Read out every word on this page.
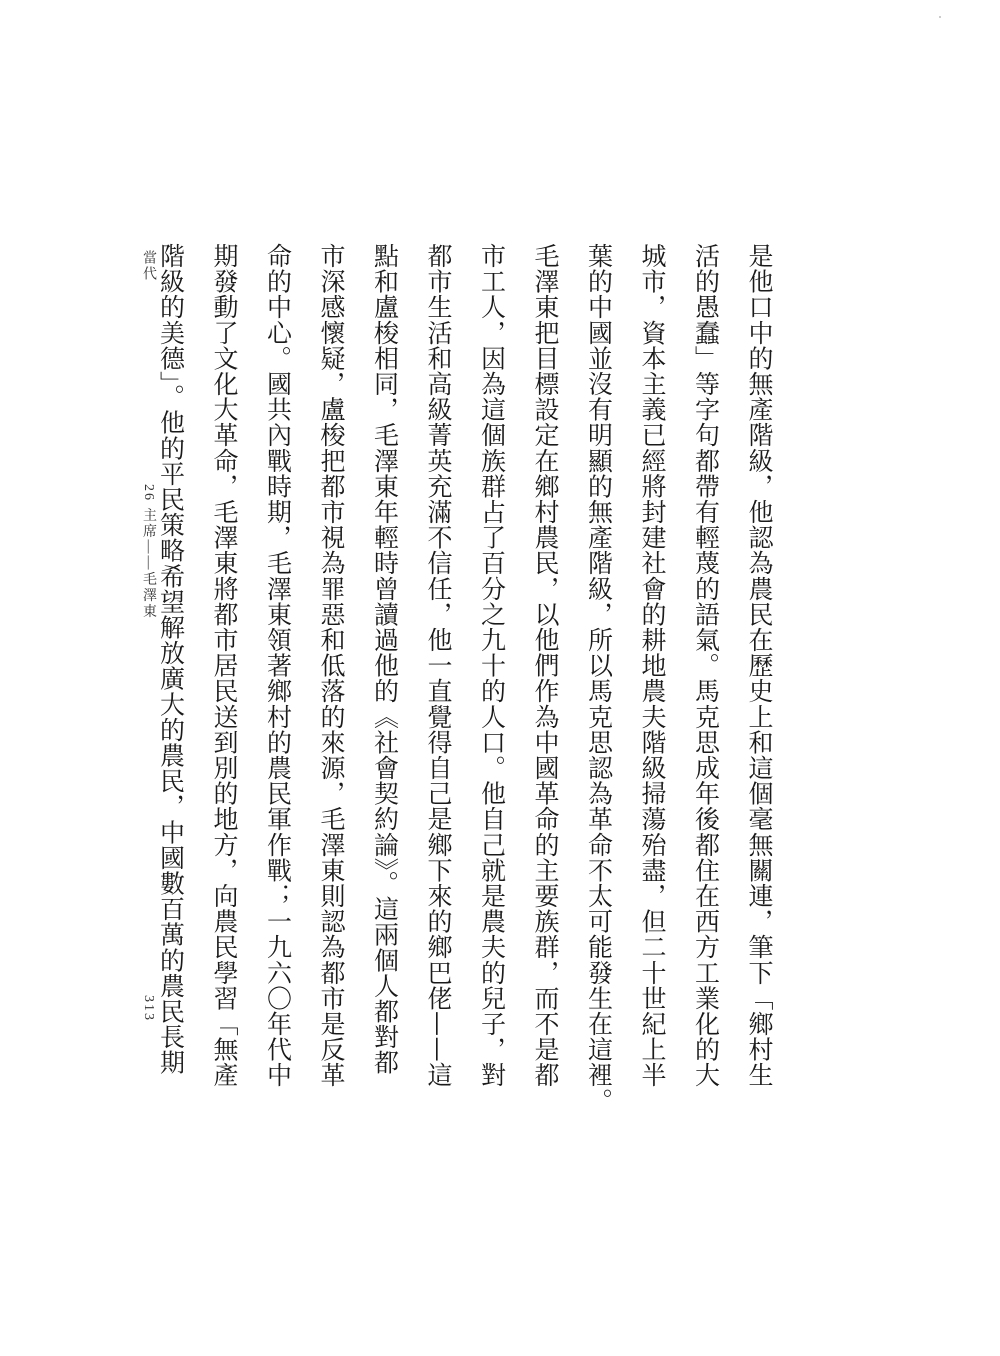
當代
26 主席——毛澤東
313	是他口中的無產階級，他認為農民在歷史上和這個毫無關連，筆下「鄉村生
活的愚蠢」等字句都帶有輕蔑的語氣。馬克思成年後都住在西方工業化的大
城市，資本主義已經將封建社會的耕地農夫階級掃蕩殆盡，但二十世紀上半
葉的中國並沒有明顯的無產階級，所以馬克思認為革命不太可能發生在這裡。
毛澤東把目標設定在鄉村農民，以他們作為中國革命的主要族群，而不是都
市工人，因為這個族群占了百分之九十的人口。他自己就是農夫的兒子，對
都市生活和高級菁英充滿不信任，他一直覺得自己是鄉下來的鄉巴佬——這
點和盧梭相同，毛澤東年輕時曾讀過他的《社會契約論》。這兩個人都對都
市深感懷疑，盧梭把都市視為罪惡和低落的來源，毛澤東則認為都市是反革
命的中心。國共內戰時期，毛澤東領著鄉村的農民軍作戰；一九六〇年代中
期發動了文化大革命，毛澤東將都市居民送到別的地方，向農民學習「無產
階級的美德」。他的平民策略希望解放廣大的農民，中國數百萬的農民長期
